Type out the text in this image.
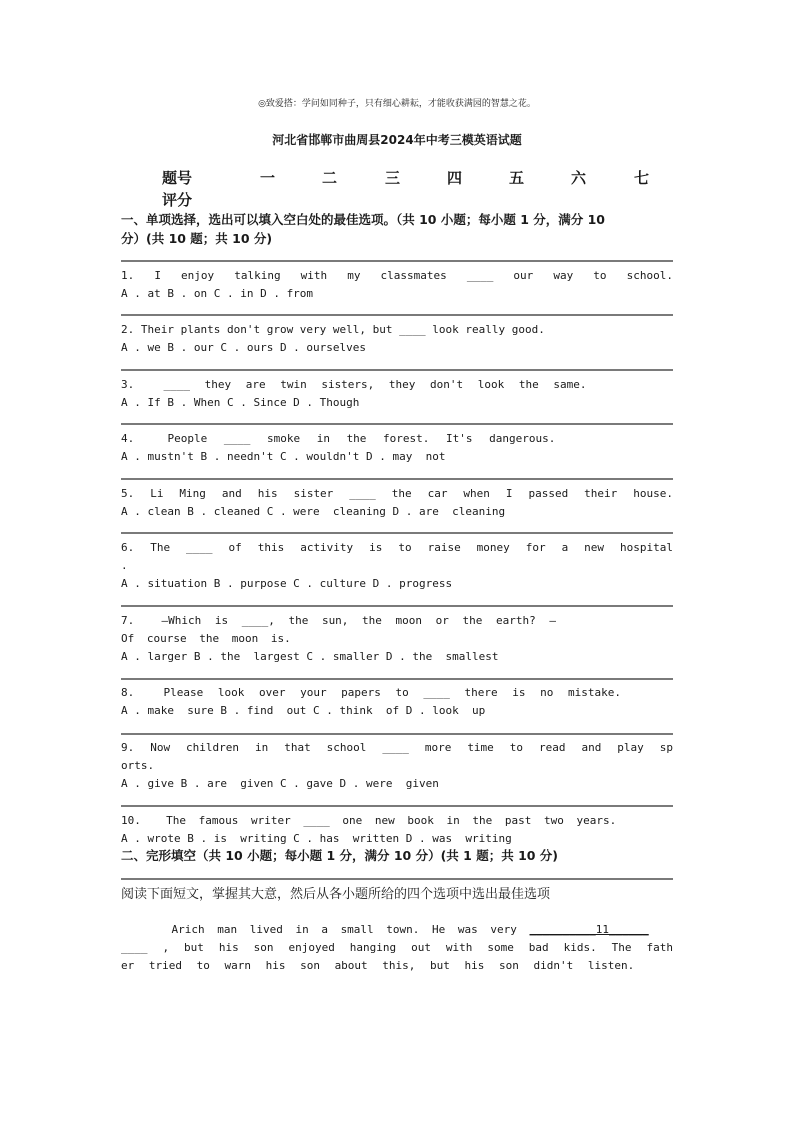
◎致爱搭：学问如同种子，只有细心耕耘，才能收获满园的智慧之花。
河北省邯郸市曲周县2024年中考三模英语试题
题号	一	二	三	四	五	六	七
评分
一、单项选择，选出可以填入空白处的最佳选项。（共 10 小题；每小题 1 分，满分 10
分）(共 10 题；共 10 分)
1. I enjoy talking with my classmates ____ our way to school.
A . at B . on C . in D . from
2. Their plants don't grow very well, but ____ look really good.
A . we B . our C . ours D . ourselves
3.  ____ they are twin sisters, they don't look the same.
A . If B . When C . Since D . Though
4.  People ____ smoke in the forest. It's dangerous.
A . mustn't B . needn't C . wouldn't D . may  not
5. Li Ming and his sister ____ the car when I passed their house.
A . clean B . cleaned C . were  cleaning D . are  cleaning
6. The ____ of this activity is to raise money for a new hospital
.
A . situation B . purpose C . culture D . progress
7.  —Which is ____, the sun, the moon or the earth? —
Of course the moon is.
A . larger B . the  largest C . smaller D . the  smallest
8.  Please look over your papers to ____ there is no mistake.
A . make  sure B . find  out C . think  of D . look  up
9. Now children in that school ____ more time to read and play sp
orts.
A . give B . are  given C . gave D . were  given
10.  The famous writer ____ one new book in the past two years.
A . wrote B . is  writing C . has  written D . was  writing
二、完形填空（共 10 小题；每小题 1 分，满分 10 分）(共 1 题；共 10 分)
阅读下面短文，掌握其大意，然后从各小题所给的四个选项中选出最佳选项
Arich man lived in a small town. He was very __________11______
____ , but his son enjoyed hanging out with some bad kids. The fath
er tried to warn his son about this, but his son didn't listen.
